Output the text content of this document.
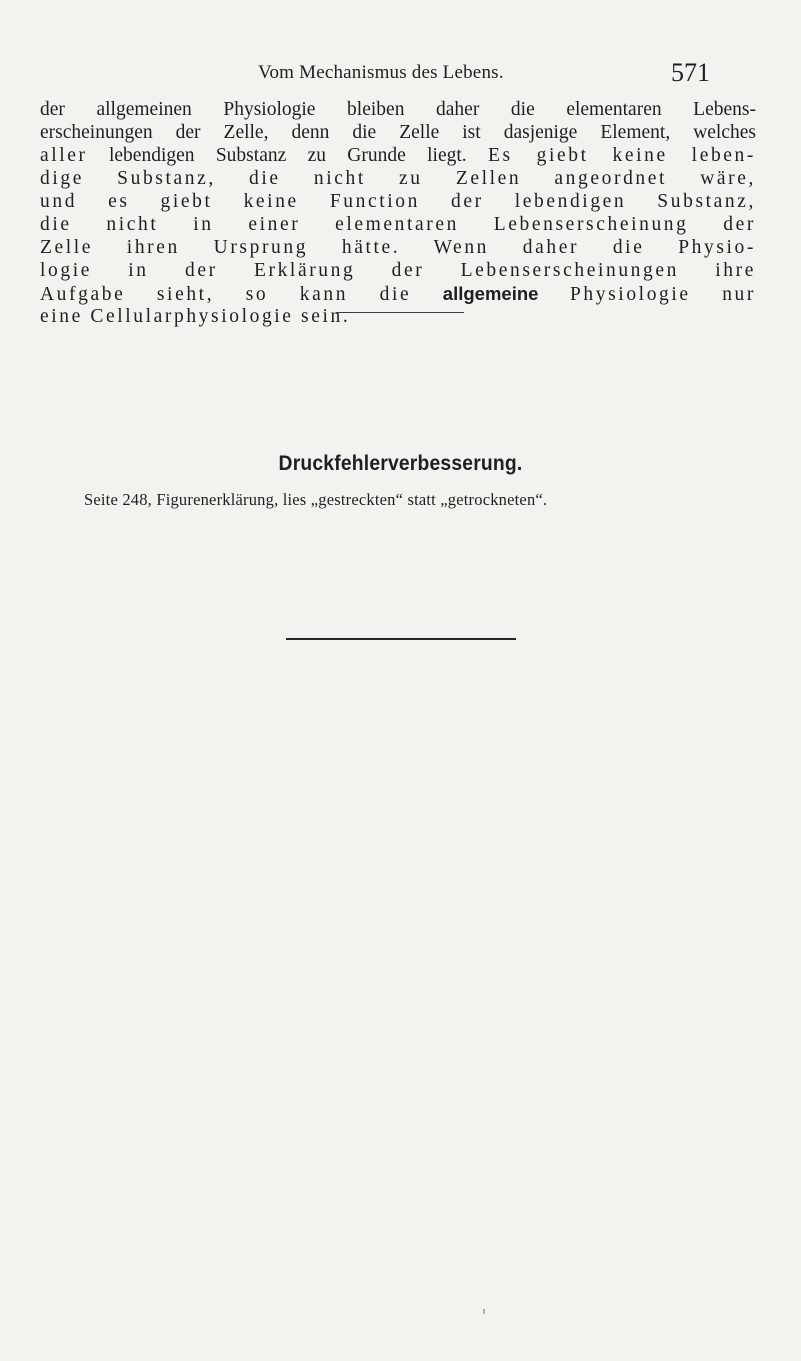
Vom Mechanismus des Lebens.	571
der allgemeinen Physiologie bleiben daher die elementaren Lebens-
erscheinungen der Zelle, denn die Zelle ist dasjenige Element, welches
aller lebendigen Substanz zu Grunde liegt. Es giebt keine leben-
dige Substanz, die nicht zu Zellen angeordnet wäre,
und es giebt keine Function der lebendigen Substanz,
die nicht in einer elementaren Lebenserscheinung der
Zelle ihren Ursprung hätte. Wenn daher die Physio-
logie in der Erklärung der Lebenserscheinungen ihre
Aufgabe sieht, so kann die allgemeine Physiologie nur
eine Cellularphysiologie sein.
Druckfehlerverbesserung.
Seite 248, Figurenerklärung, lies „gestreckten“ statt „getrockneten“.
